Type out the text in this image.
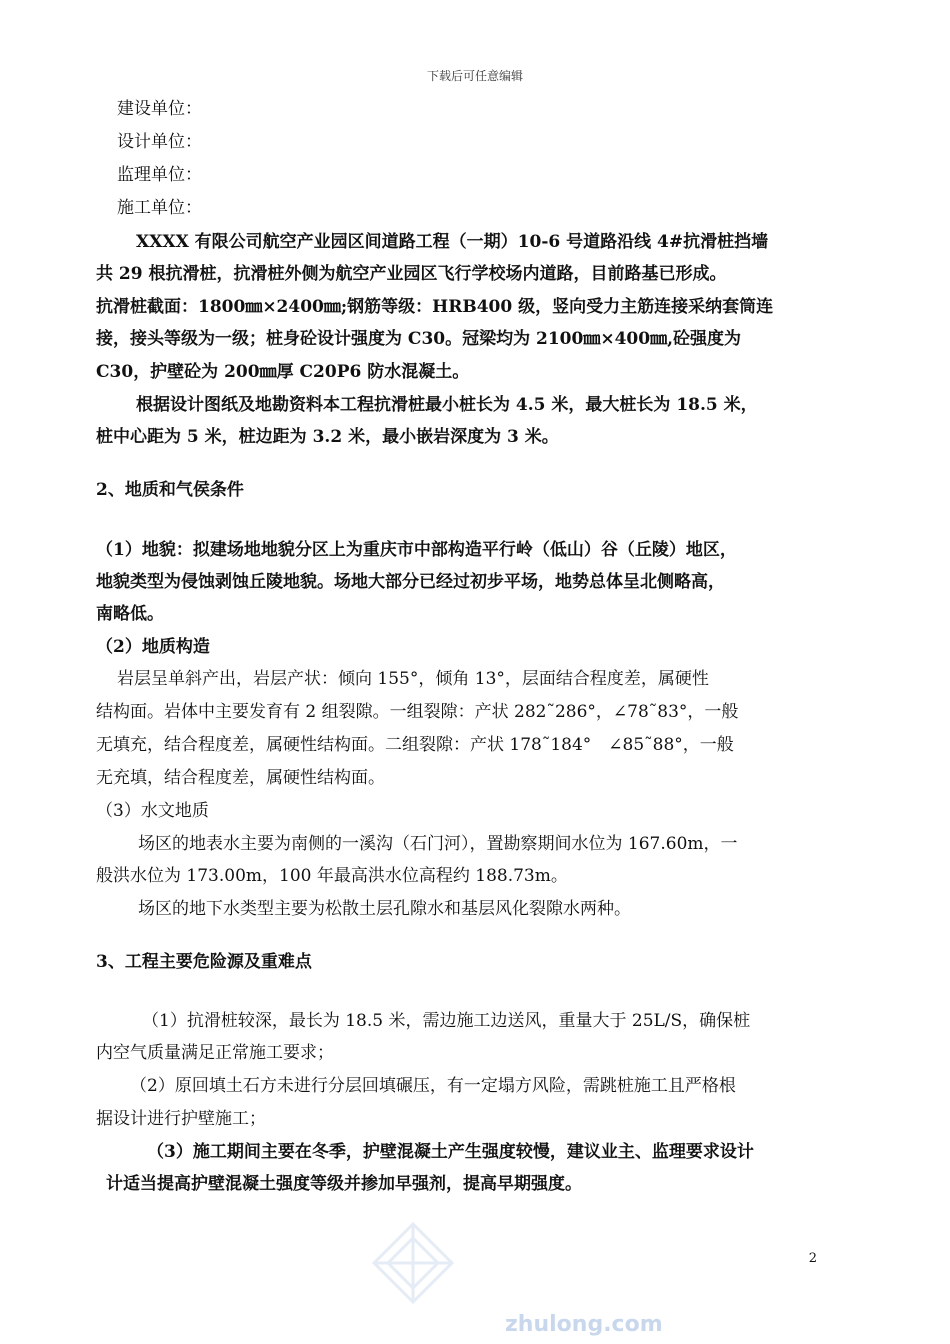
下载后可任意编辑
建设单位：
设计单位：
监理单位：
施工单位：
XXXX 有限公司航空产业园区间道路工程（一期）10-6 号道路沿线 4#抗滑桩挡墙
共 29 根抗滑桩，抗滑桩外侧为航空产业园区飞行学校场内道路，目前路基已形成。
抗滑桩截面：1800㎜×2400㎜;钢筋等级：HRB400 级，竖向受力主筋连接采纳套筒连
接，接头等级为一级；桩身砼设计强度为 C30。冠梁均为 2100㎜×400㎜,砼强度为
C30，护壁砼为 200㎜厚 C20P6 防水混凝土。
根据设计图纸及地勘资料本工程抗滑桩最小桩长为 4.5 米，最大桩长为 18.5 米，
桩中心距为 5 米，桩边距为 3.2 米，最小嵌岩深度为 3 米。
2、地质和气侯条件
（1）地貌：拟建场地地貌分区上为重庆市中部构造平行岭（低山）谷（丘陵）地区，
地貌类型为侵蚀剥蚀丘陵地貌。场地大部分已经过初步平场，地势总体呈北侧略高，
南略低。
（2）地质构造
岩层呈单斜产出，岩层产状：倾向 155°，倾角 13°，层面结合程度差，属硬性
结构面。岩体中主要发育有 2 组裂隙。一组裂隙：产状 282˜286°，∠78˜83°，一般
无填充，结合程度差，属硬性结构面。二组裂隙：产状 178˜184°　∠85˜88°，一般
无充填，结合程度差，属硬性结构面。
（3）水文地质
场区的地表水主要为南侧的一溪沟（石门河），置勘察期间水位为 167.60m，一
般洪水位为 173.00m，100 年最高洪水位高程约 188.73m。
场区的地下水类型主要为松散土层孔隙水和基层风化裂隙水两种。
3、工程主要危险源及重难点
（1）抗滑桩较深，最长为 18.5 米，需边施工边送风，重量大于 25L/S，确保桩
内空气质量满足正常施工要求；
（2）原回填土石方未进行分层回填碾压，有一定塌方风险，需跳桩施工且严格根
据设计进行护壁施工；
（3）施工期间主要在冬季，护壁混凝土产生强度较慢，建议业主、监理要求设计
计适当提高护壁混凝土强度等级并掺加早强剂，提高早期强度。
2
zhulong.com
